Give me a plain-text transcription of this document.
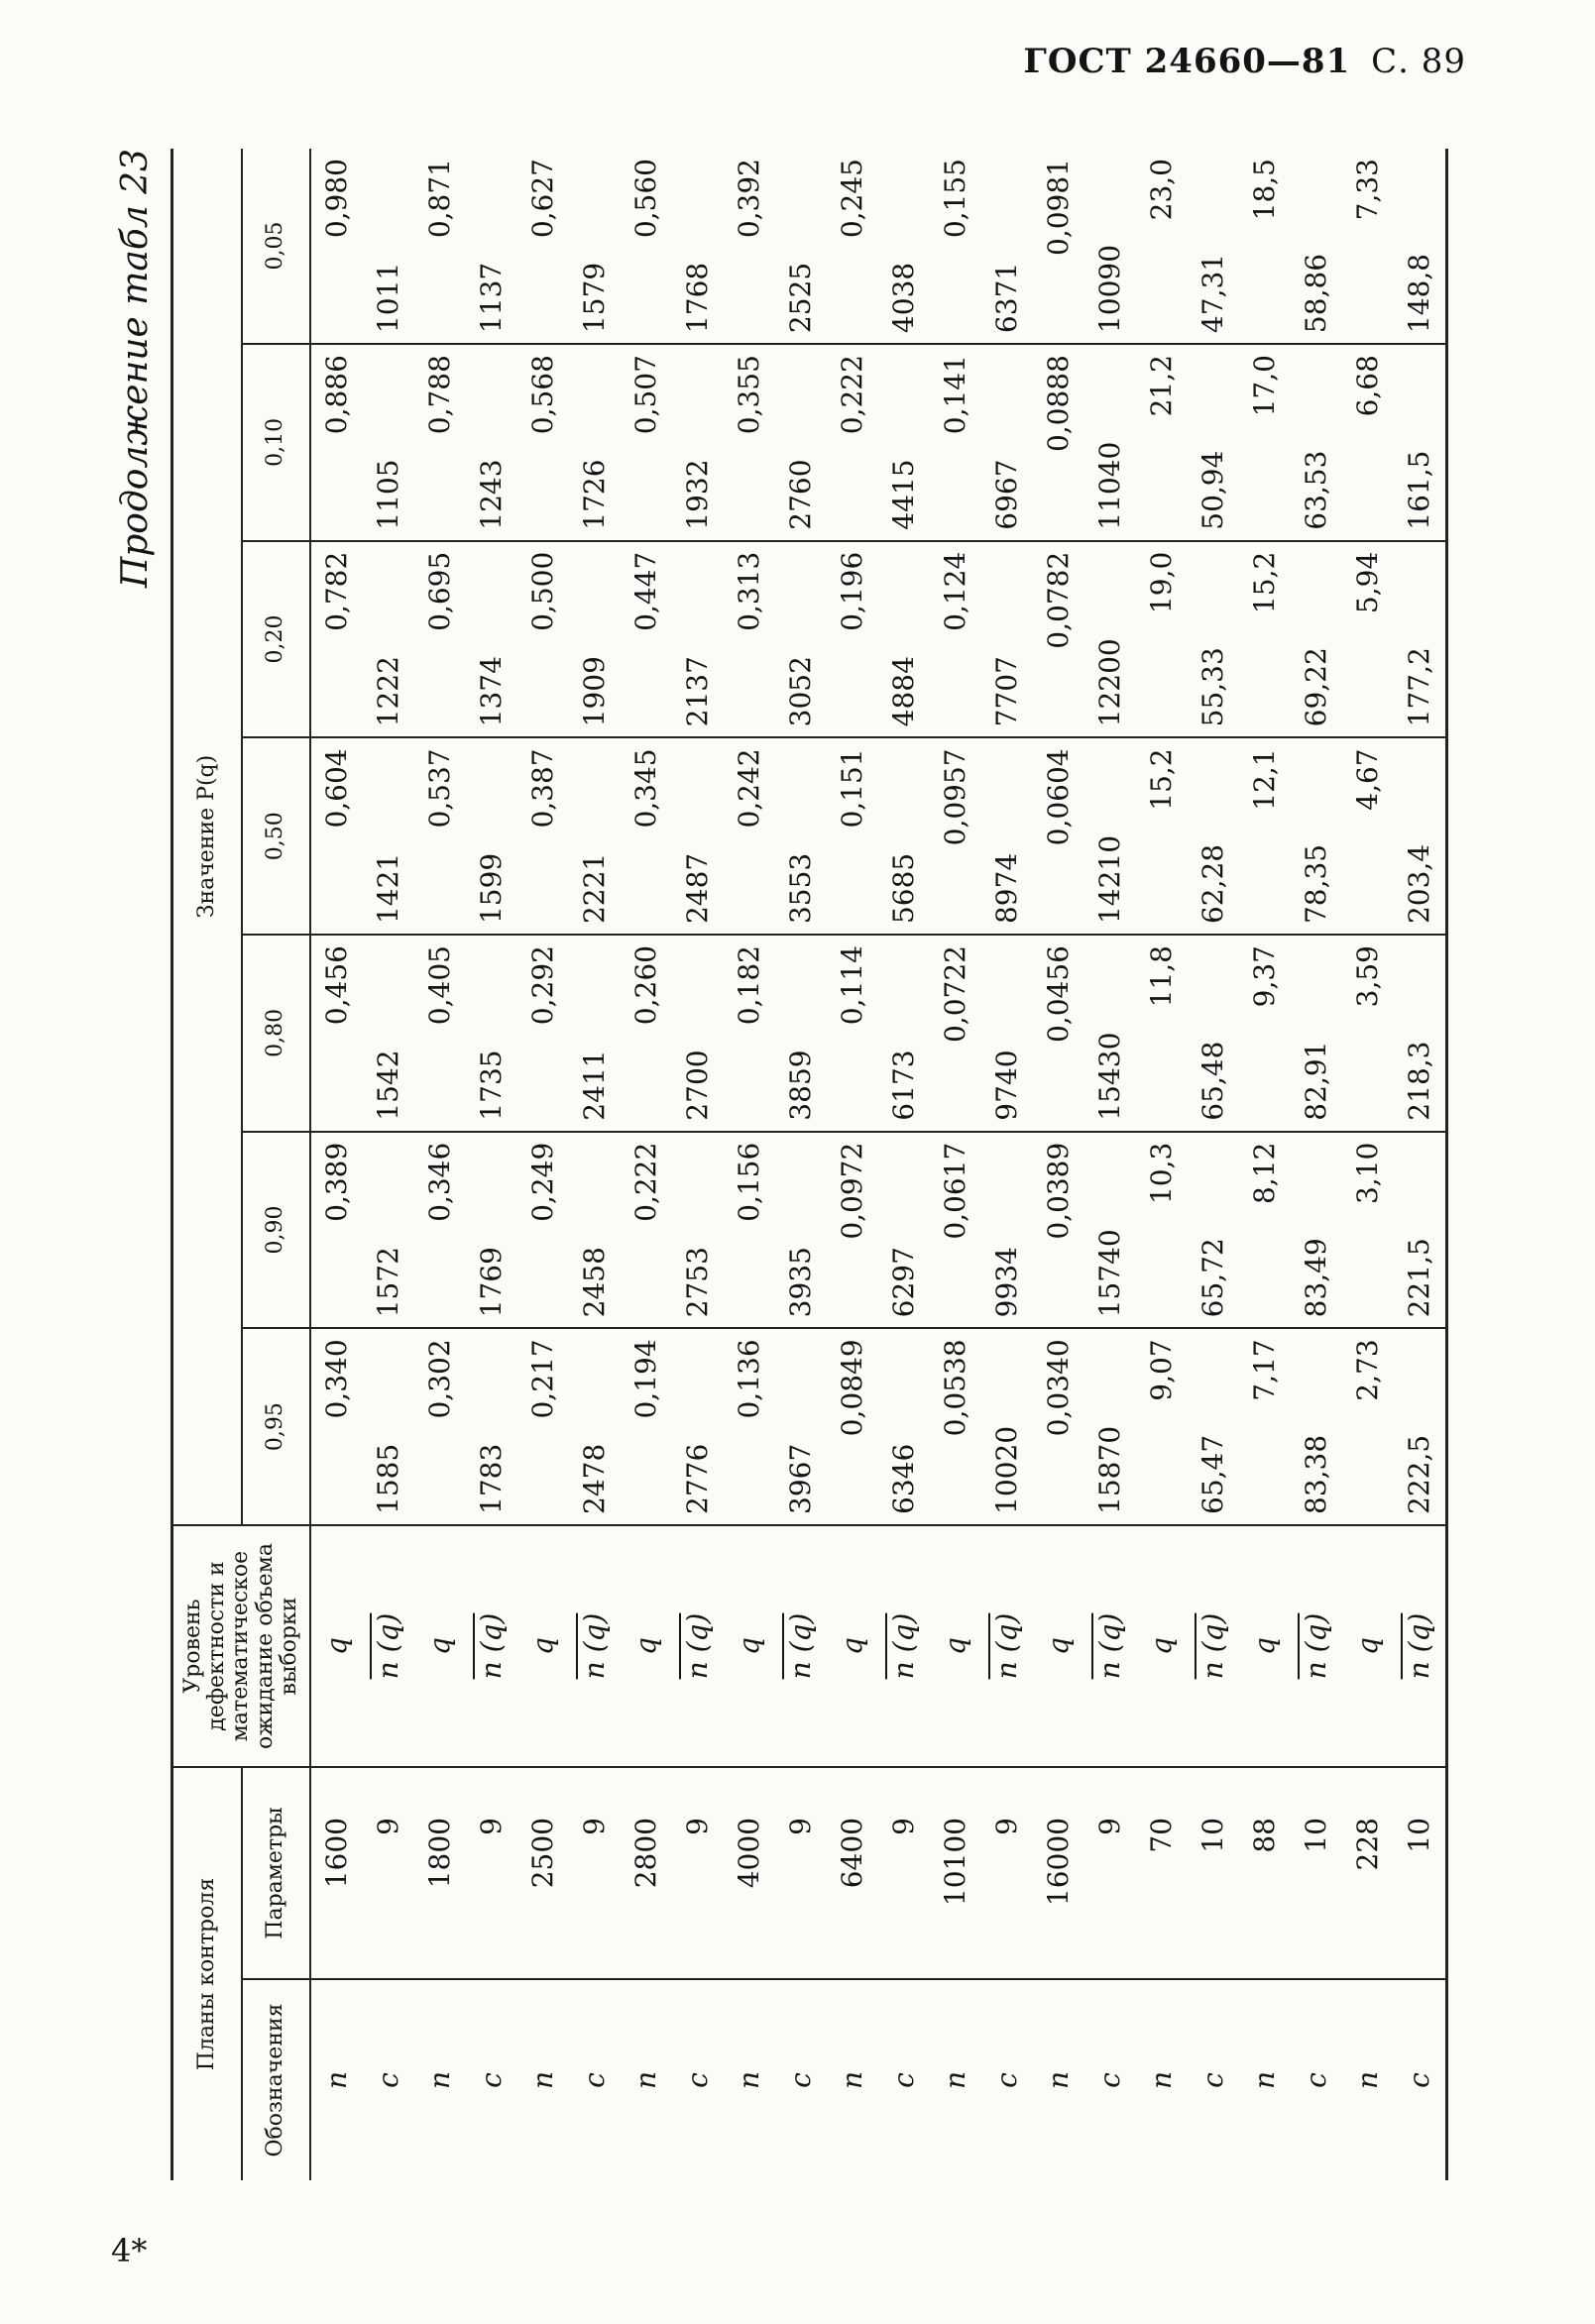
ГОСТ 24660—81 С. 89
Продолжение табл 23
Планы контроля		Уровень дефектности и математическое ожидание объема выборки	Значение P(q)						
Обозначения	Параметры		0,95	0,90	0,80	0,50	0,20	0,10	0,05
n	1600	q	0,340	0,389	0,456	0,604	0,782	0,886	0,980
c	9	n (q)	1585	1572	1542	1421	1222	1105	1011
n	1800	q	0,302	0,346	0,405	0,537	0,695	0,788	0,871
c	9	n (q)	1783	1769	1735	1599	1374	1243	1137
n	2500	q	0,217	0,249	0,292	0,387	0,500	0,568	0,627
c	9	n (q)	2478	2458	2411	2221	1909	1726	1579
n	2800	q	0,194	0,222	0,260	0,345	0,447	0,507	0,560
c	9	n (q)	2776	2753	2700	2487	2137	1932	1768
n	4000	q	0,136	0,156	0,182	0,242	0,313	0,355	0,392
c	9	n (q)	3967	3935	3859	3553	3052	2760	2525
n	6400	q	0,0849	0,0972	0,114	0,151	0,196	0,222	0,245
c	9	n (q)	6346	6297	6173	5685	4884	4415	4038
n	10100	q	0,0538	0,0617	0,0722	0,0957	0,124	0,141	0,155
c	9	n (q)	10020	9934	9740	8974	7707	6967	6371
n	16000	q	0,0340	0,0389	0,0456	0,0604	0,0782	0,0888	0,0981
c	9	n (q)	15870	15740	15430	14210	12200	11040	10090
n	70	q	9,07	10,3	11,8	15,2	19,0	21,2	23,0
c	10	n (q)	65,47	65,72	65,48	62,28	55,33	50,94	47,31
n	88	q	7,17	8,12	9,37	12,1	15,2	17,0	18,5
c	10	n (q)	83,38	83,49	82,91	78,35	69,22	63,53	58,86
n	228	q	2,73	3,10	3,59	4,67	5,94	6,68	7,33
c	10	n (q)	222,5	221,5	218,3	203,4	177,2	161,5	148,8
4*
